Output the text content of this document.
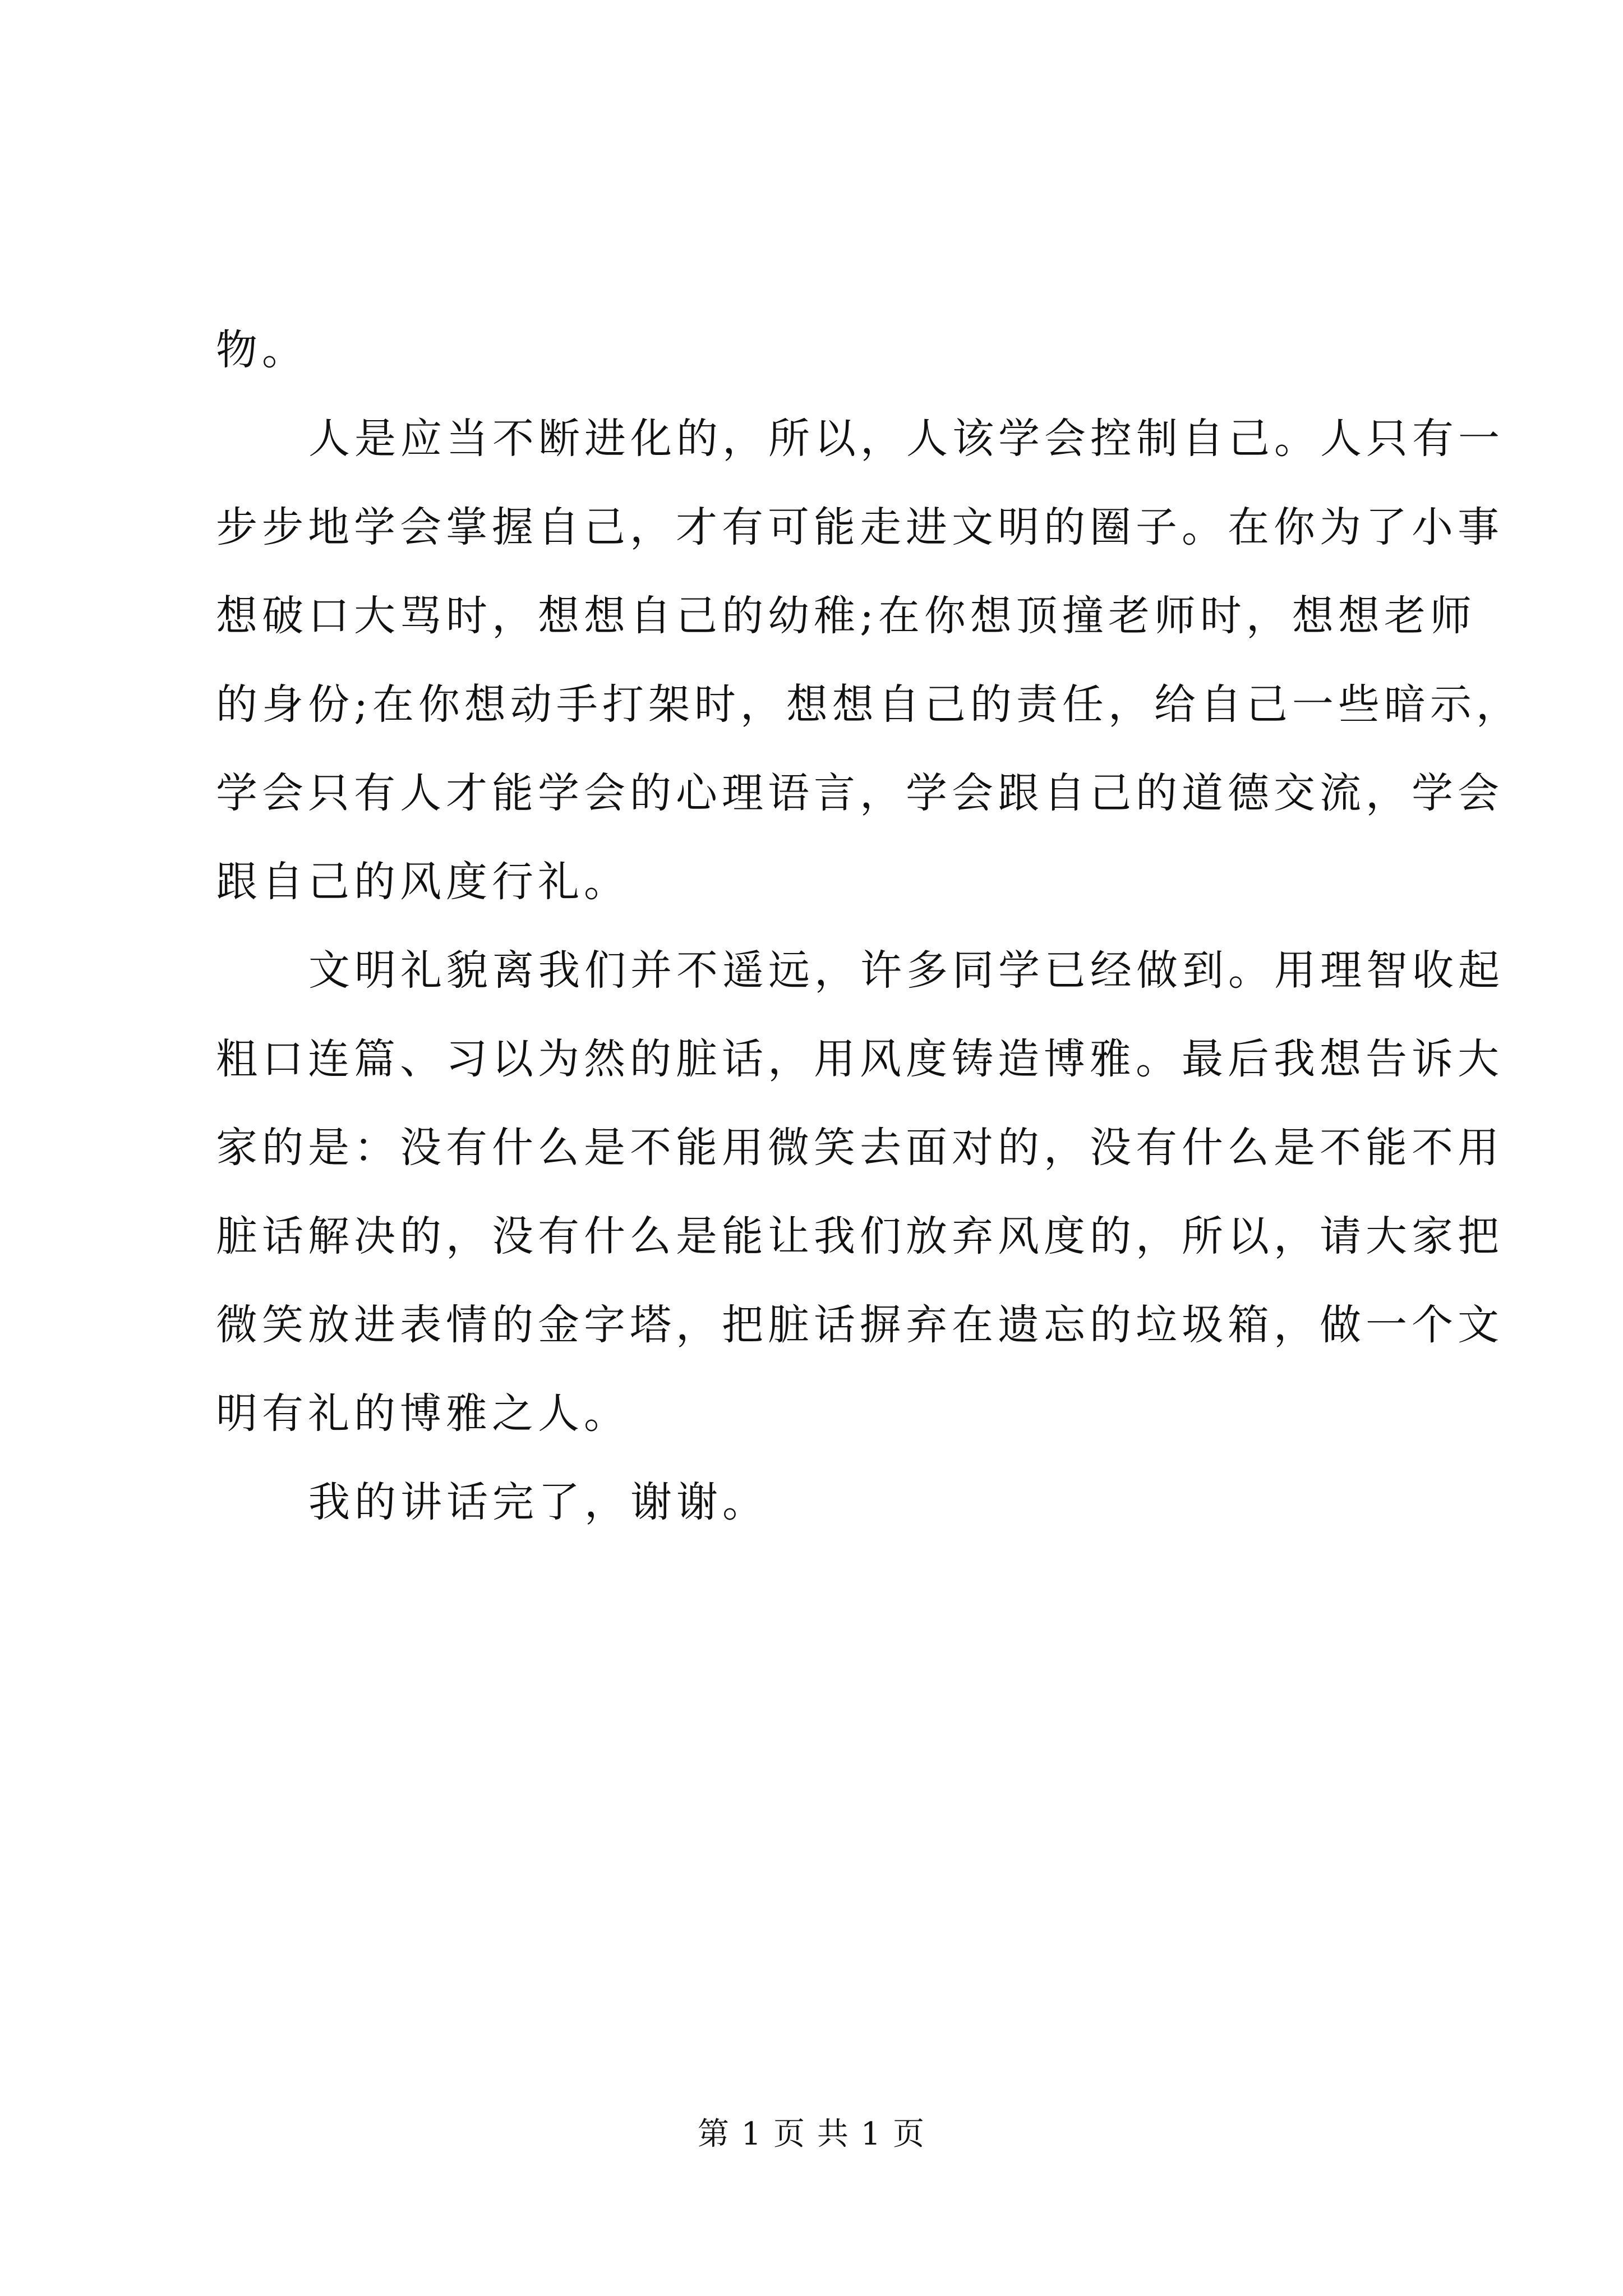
物。
人是应当不断进化的，所以，人该学会控制自己。人只有一
步步地学会掌握自己，才有可能走进文明的圈子。在你为了小事
想破口大骂时，想想自己的幼稚;在你想顶撞老师时，想想老师
的身份;在你想动手打架时，想想自己的责任，给自己一些暗示，
学会只有人才能学会的心理语言，学会跟自己的道德交流，学会
跟自己的风度行礼。
文明礼貌离我们并不遥远，许多同学已经做到。用理智收起
粗口连篇、习以为然的脏话，用风度铸造博雅。最后我想告诉大
家的是：没有什么是不能用微笑去面对的，没有什么是不能不用
脏话解决的，没有什么是能让我们放弃风度的，所以，请大家把
微笑放进表情的金字塔，把脏话摒弃在遗忘的垃圾箱，做一个文
明有礼的博雅之人。
我的讲话完了，谢谢。
第 1 页 共 1 页
